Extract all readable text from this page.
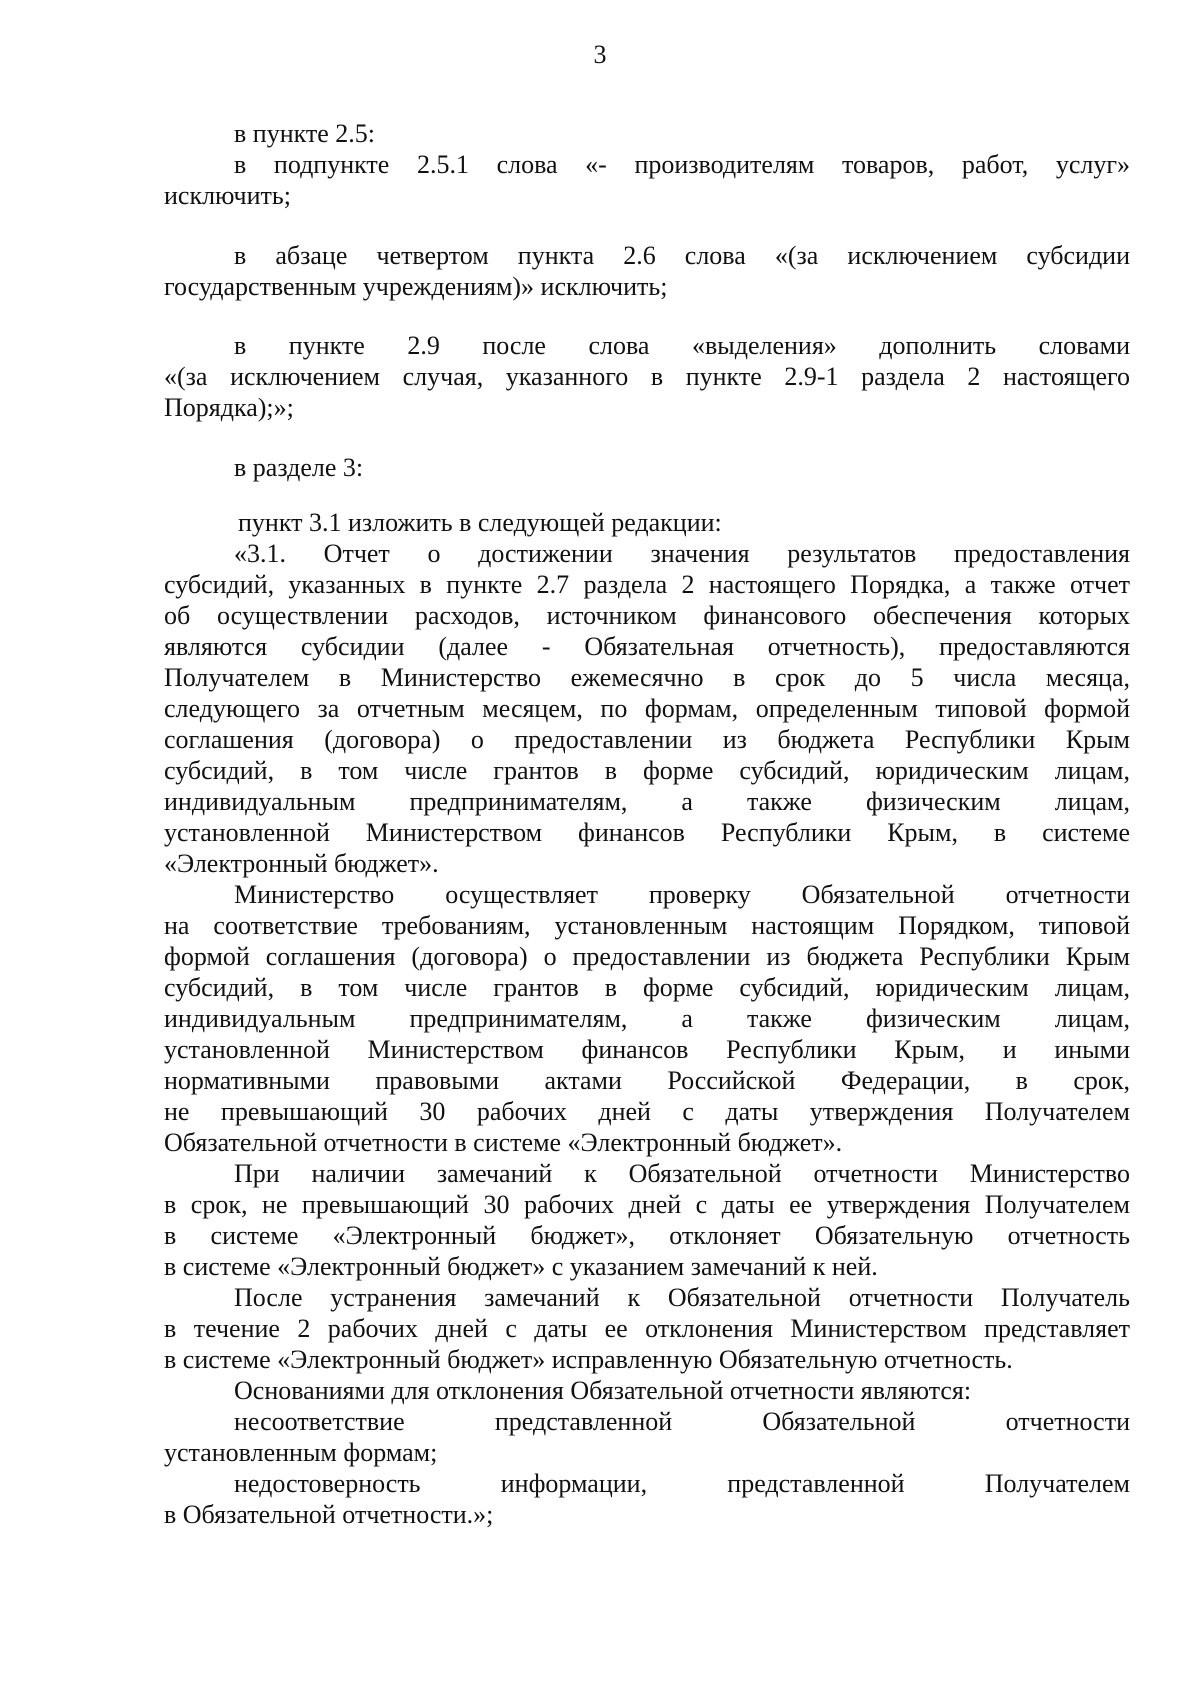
3
в пункте 2.5:
в подпункте 2.5.1 слова «- производителям товаров, работ, услуг»
исключить;
в абзаце четвертом пункта 2.6 слова «(за исключением субсидии
государственным учреждениям)» исключить;
в пункте 2.9 после слова «выделения» дополнить словами
«(за исключением случая, указанного в пункте 2.9-1 раздела 2 настоящего
Порядка);»;
в разделе 3:
пункт 3.1 изложить в следующей редакции:
«3.1. Отчет о достижении значения результатов предоставления
субсидий, указанных в пункте 2.7 раздела 2 настоящего Порядка, а также отчет
об осуществлении расходов, источником финансового обеспечения которых
являются субсидии (далее - Обязательная отчетность), предоставляются
Получателем в Министерство ежемесячно в срок до 5 числа месяца,
следующего за отчетным месяцем, по формам, определенным типовой формой
соглашения (договора) о предоставлении из бюджета Республики Крым
субсидий, в том числе грантов в форме субсидий, юридическим лицам,
индивидуальным предпринимателям, а также физическим лицам,
установленной Министерством финансов Республики Крым, в системе
«Электронный бюджет».
Министерство осуществляет проверку Обязательной отчетности
на соответствие требованиям, установленным настоящим Порядком, типовой
формой соглашения (договора) о предоставлении из бюджета Республики Крым
субсидий, в том числе грантов в форме субсидий, юридическим лицам,
индивидуальным предпринимателям, а также физическим лицам,
установленной Министерством финансов Республики Крым, и иными
нормативными правовыми актами Российской Федерации, в срок,
не превышающий 30 рабочих дней с даты утверждения Получателем
Обязательной отчетности в системе «Электронный бюджет».
При наличии замечаний к Обязательной отчетности Министерство
в срок, не превышающий 30 рабочих дней с даты ее утверждения Получателем
в системе «Электронный бюджет», отклоняет Обязательную отчетность
в системе «Электронный бюджет» с указанием замечаний к ней.
После устранения замечаний к Обязательной отчетности Получатель
в течение 2 рабочих дней с даты ее отклонения Министерством представляет
в системе «Электронный бюджет» исправленную Обязательную отчетность.
Основаниями для отклонения Обязательной отчетности являются:
несоответствие представленной Обязательной отчетности
установленным формам;
недостоверность информации, представленной Получателем
в Обязательной отчетности.»;
